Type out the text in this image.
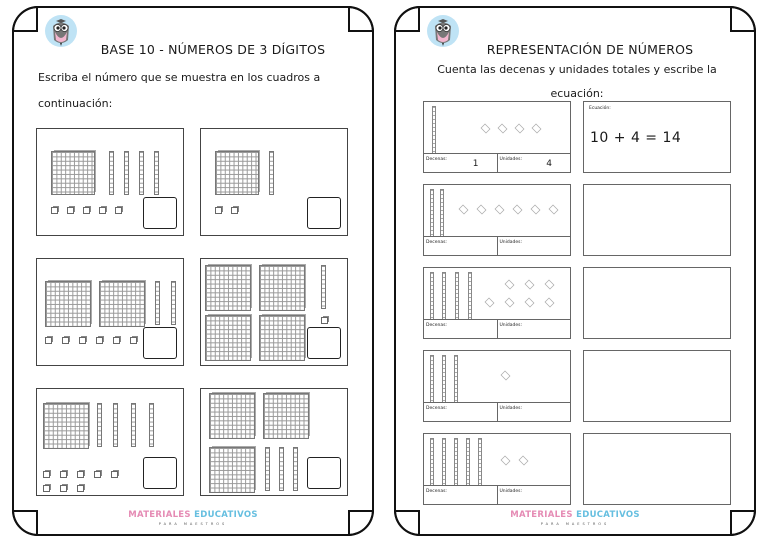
BASE 10 - NÚMEROS DE 3 DÍGITOS
Escriba el número que se muestra en los cuadros a continuación:
MATERIALES EDUCATIVOS
PARA MAESTROS
REPRESENTACIÓN DE NÚMEROS
Cuenta las decenas y unidades totales y escribe la ecuación:
Decenas:	1	Unidades:	4
Ecuación:
10 + 4 = 14
Decenas:	Unidades:
Decenas:	Unidades:
Decenas:	Unidades:
Decenas:	Unidades:
MATERIALES EDUCATIVOS
PARA MAESTROS
